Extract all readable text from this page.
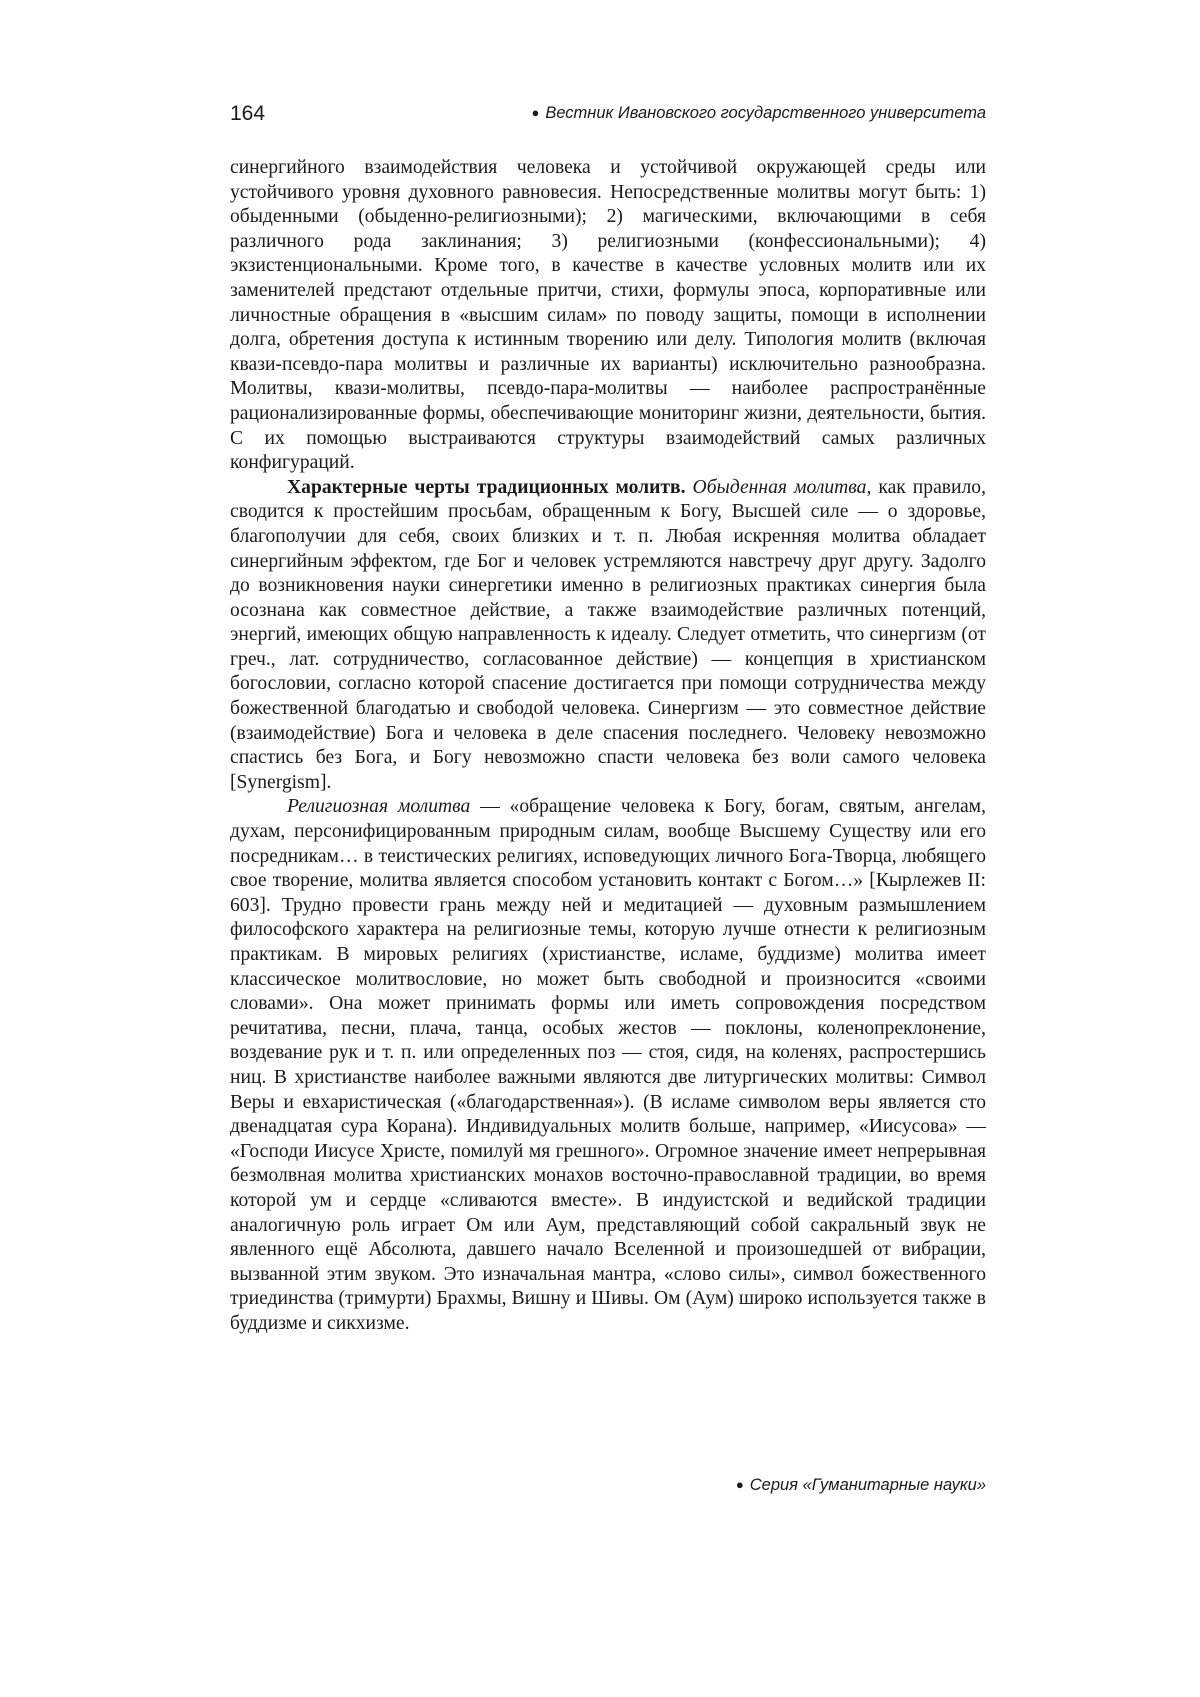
164	● Вестник Ивановского государственного университета

синергийного взаимодействия человека и устойчивой окружающей среды или устойчивого уровня духовного равновесия. Непосредственные молитвы могут быть: 1) обыденными (обыденно-религиозными); 2) магическими, включающими в себя различного рода заклинания; 3) религиозными (конфессиональными); 4) экзистенциональными. Кроме того, в качестве в качестве условных молитв или их заменителей предстают отдельные притчи, стихи, формулы эпоса, корпоративные или личностные обращения в «высшим силам» по поводу защиты, помощи в исполнении долга, обретения доступа к истинным творению или делу. Типология молитв (включая квази-псевдо-пара молитвы и различные их варианты) исключительно разнообразна. Молитвы, квази-молитвы, псевдо-пара-молитвы — наиболее распространённые рационализированные формы, обеспечивающие мониторинг жизни, деятельности, бытия. С их помощью выстраиваются структуры взаимодействий самых различных конфигураций.

Характерные черты традиционных молитв. Обыденная молитва, как правило, сводится к простейшим просьбам, обращенным к Богу, Высшей силе — о здоровье, благополучии для себя, своих близких и т. п. Любая искренняя молитва обладает синергийным эффектом, где Бог и человек устремляются навстречу друг другу. Задолго до возникновения науки синергетики именно в религиозных практиках синергия была осознана как совместное действие, а также взаимодействие различных потенций, энергий, имеющих общую направленность к идеалу. Следует отметить, что синергизм (от греч., лат. сотрудничество, согласованное действие) — концепция в христианском богословии, согласно которой спасение достигается при помощи сотрудничества между божественной благодатью и свободой человека. Синергизм — это совместное действие (взаимодействие) Бога и человека в деле спасения последнего. Человеку невозможно спастись без Бога, и Богу невозможно спасти человека без воли самого человека [Synergism].

Религиозная молитва — «обращение человека к Богу, богам, святым, ангелам, духам, персонифицированным природным силам, вообще Высшему Существу или его посредникам… в теистических религиях, исповедующих личного Бога-Творца, любящего свое творение, молитва является способом установить контакт с Богом…» [Кырлежев II: 603]. Трудно провести грань между ней и медитацией — духовным размышлением философского характера на религиозные темы, которую лучше отнести к религиозным практикам. В мировых религиях (христианстве, исламе, буддизме) молитва имеет классическое молитвословие, но может быть свободной и произносится «своими словами». Она может принимать формы или иметь сопровождения посредством речитатива, песни, плача, танца, особых жестов — поклоны, коленопреклонение, воздевание рук и т. п. или определенных поз — стоя, сидя, на коленях, распростершись ниц. В христианстве наиболее важными являются две литургических молитвы: Символ Веры и евхаристическая («благодарственная»). (В исламе символом веры является сто двенадцатая сура Корана). Индивидуальных молитв больше, например, «Иисусова» — «Господи Иисусе Христе, помилуй мя грешного». Огромное значение имеет непрерывная безмолвная молитва христианских монахов восточно-православной традиции, во время которой ум и сердце «сливаются вместе». В индуистской и ведийской традиции аналогичную роль играет Ом или Аум, представляющий собой сакральный звук не явленного ещё Абсолюта, давшего начало Вселенной и произошедшей от вибрации, вызванной этим звуком. Это изначальная мантра, «слово силы», символ божественного триединства (тримурти) Брахмы, Вишну и Шивы. Ом (Аум) широко используется также в буддизме и сикхизме.

● Серия «Гуманитарные науки»
